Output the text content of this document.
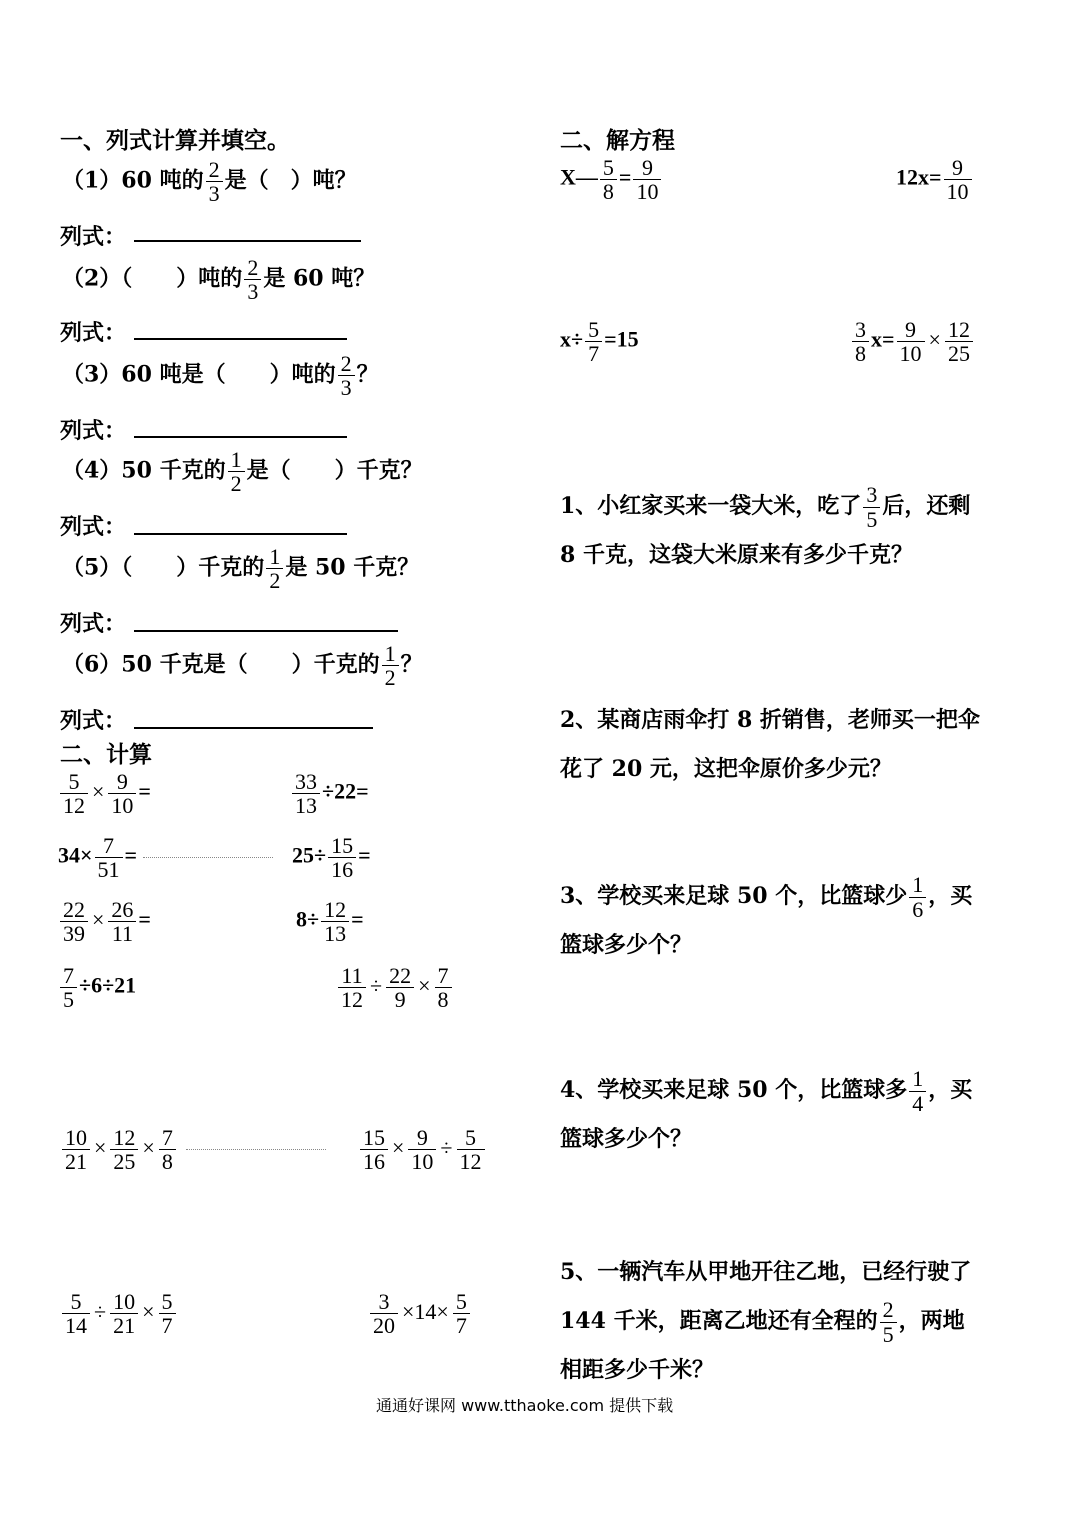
一、列式计算并填空。
（1）60 吨的 $\frac{2}{3}$ 是（　）吨？
列式：
（2）（　　）吨的 $\frac{2}{3}$ 是 60 吨？
列式：
（3）60 吨是（　　）吨的 $\frac{2}{3}$ ？
列式：
（4）50 千克的 $\frac{1}{2}$ 是（　　）千克？
列式：
（5）（　　）千克的 $\frac{1}{2}$ 是 50 千克？
列式：
（6）50 千克是（　　）千克的 $\frac{1}{2}$ ？
列式：
二、计算
$\frac{5}{12} \times \frac{9}{10}$ =	$\frac{33}{13} \div 22=$
$34\times \frac{7}{51}$ =	$25\div \frac{15}{16}$ =
$\frac{22}{39} \times \frac{26}{11}$ =	$8\div \frac{12}{13}$ =
$\frac{7}{5} \div 6\div 21$	$\frac{11}{12} \div \frac{22}{9} \times \frac{7}{8}$
$\frac{10}{21} \times \frac{12}{25} \times \frac{7}{8}$	$\frac{15}{16} \times \frac{9}{10} \div \frac{5}{12}$
$\frac{5}{14} \div \frac{10}{21} \times \frac{5}{7}$	$\frac{3}{20} \times 14\times \frac{5}{7}$
二、解方程
X— $\frac{5}{8} = \frac{9}{10}$	$12x= \frac{9}{10}$
$x\div \frac{5}{7} =15$	$\frac{3}{8} x= \frac{9}{10} \times \frac{12}{25}$
1、小红家买来一袋大米，吃了 $\frac{3}{5}$ 后，还剩
8 千克，这袋大米原来有多少千克？
2、某商店雨伞打 8 折销售，老师买一把伞
花了 20 元，这把伞原价多少元？
3、学校买来足球 50 个，比篮球少 $\frac{1}{6}$ ，买
篮球多少个？
4、学校买来足球 50 个，比篮球多 $\frac{1}{4}$ ，买
篮球多少个？
5、一辆汽车从甲地开往乙地，已经行驶了
144 千米，距离乙地还有全程的 $\frac{2}{5}$ ，两地
相距多少千米？
通通好课网 www.tthaoke.com 提供下载
